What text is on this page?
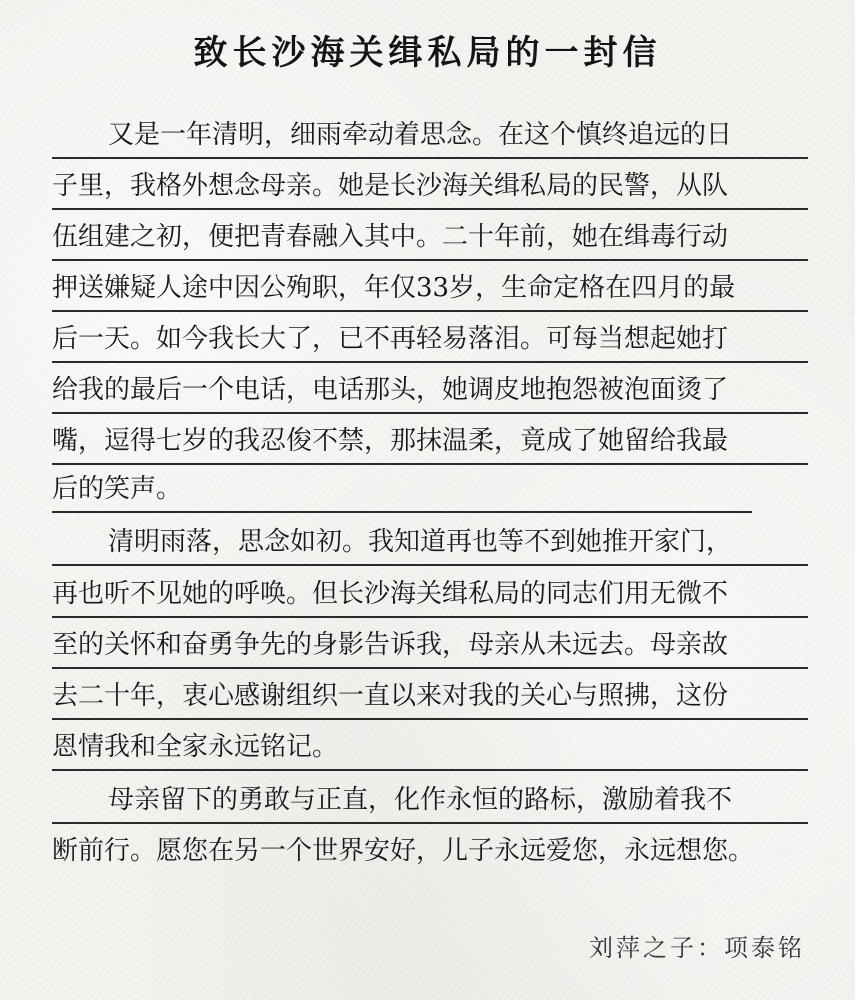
致长沙海关缉私局的一封信
又是一年清明，细雨牵动着思念。在这个慎终追远的日
子里，我格外想念母亲。她是长沙海关缉私局的民警，从队
伍组建之初，便把青春融入其中。二十年前，她在缉毒行动
押送嫌疑人途中因公殉职，年仅33岁，生命定格在四月的最
后一天。如今我长大了，已不再轻易落泪。可每当想起她打
给我的最后一个电话，电话那头，她调皮地抱怨被泡面烫了
嘴，逗得七岁的我忍俊不禁，那抹温柔，竟成了她留给我最
后的笑声。
清明雨落，思念如初。我知道再也等不到她推开家门，
再也听不见她的呼唤。但长沙海关缉私局的同志们用无微不
至的关怀和奋勇争先的身影告诉我，母亲从未远去。母亲故
去二十年，衷心感谢组织一直以来对我的关心与照拂，这份
恩情我和全家永远铭记。
母亲留下的勇敢与正直，化作永恒的路标，激励着我不
断前行。愿您在另一个世界安好，儿子永远爱您，永远想您。
刘萍之子：项泰铭
